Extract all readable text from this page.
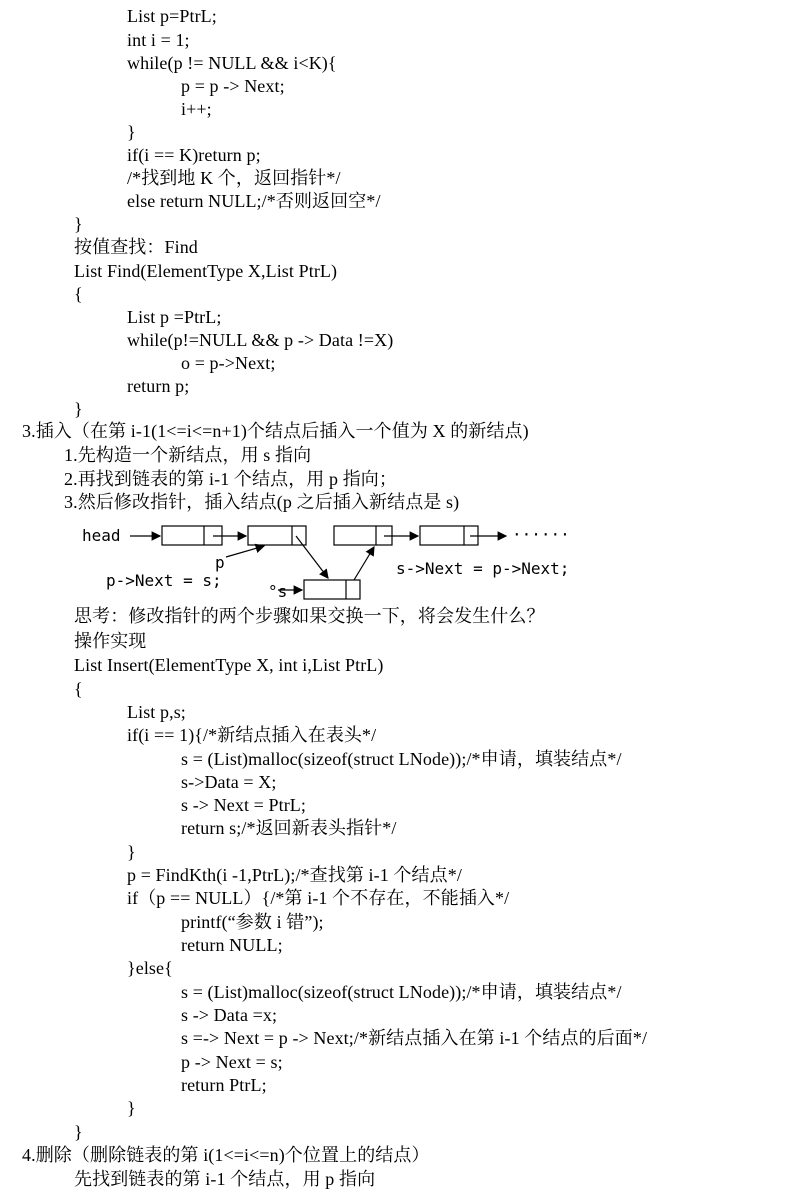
List p=PtrL;
int i = 1;
while(p != NULL && i<K){
p = p -> Next;
i++;
}
if(i == K)return p;
/*找到地 K 个，返回指针*/
else return NULL;/*否则返回空*/
}
按值查找：Find
List Find(ElementType X,List PtrL)
{
List p =PtrL;
while(p!=NULL && p -> Data !=X)
o = p->Next;
return p;
}
3.插入（在第 i-1(1<=i<=n+1)个结点后插入一个值为 X 的新结点)
1.先构造一个新结点，用 s 指向
2.再找到链表的第 i-1 个结点，用 p 指向；
3.然后修改指针，插入结点(p 之后插入新结点是 s)
head
p
······
°s
p->Next = s;
s->Next = p->Next;
思考：修改指针的两个步骤如果交换一下，将会发生什么？
操作实现
List Insert(ElementType X, int i,List PtrL)
{
List p,s;
if(i == 1){/*新结点插入在表头*/
s = (List)malloc(sizeof(struct LNode));/*申请，填装结点*/
s->Data = X;
s -> Next = PtrL;
return s;/*返回新表头指针*/
}
p = FindKth(i -1,PtrL);/*查找第 i-1 个结点*/
if（p == NULL）{/*第 i-1 个不存在，不能插入*/
printf(“参数 i 错”);
return NULL;
}else{
s = (List)malloc(sizeof(struct LNode));/*申请，填装结点*/
s -> Data =x;
s =-> Next = p -> Next;/*新结点插入在第 i-1 个结点的后面*/
p -> Next = s;
return PtrL;
}
}
4.删除（删除链表的第 i(1<=i<=n)个位置上的结点）
先找到链表的第 i-1 个结点，用 p 指向
